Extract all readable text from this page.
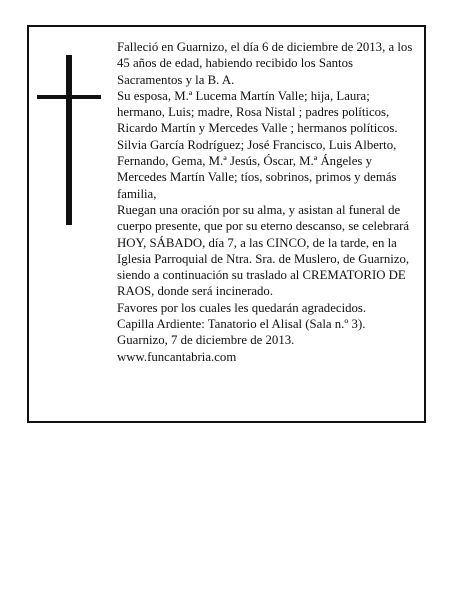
Falleció en Guarnizo, el día 6 de diciembre de 2013, a los 45 años de edad, habiendo recibido los Santos Sacramentos y la B. A.

Su esposa, M.ª Lucema Martín Valle; hija, Laura; hermano, Luis; madre, Rosa Nistal ; padres políticos, Ricardo Martín y Mercedes Valle ; hermanos políticos. Silvia García Rodríguez; José Francisco, Luis Alberto, Fernando, Gema, M.ª Jesús, Óscar, M.ª Ángeles y Mercedes Martín Valle; tíos, sobrinos, primos y demás familia,

Ruegan una oración por su alma, y asistan al funeral de cuerpo presente, que por su eterno descanso, se celebrará HOY, SÁBADO, día 7, a las CINCO, de la tarde, en la Iglesia Parroquial de Ntra. Sra. de Muslero, de Guarnizo, siendo a continuación su traslado al CREMATORIO DE RAOS, donde será incinerado.

Favores por los cuales les quedarán agradecidos.

Capilla Ardiente: Tanatorio el Alisal (Sala n.º 3).

Guarnizo, 7 de diciembre de 2013.

www.funcantabria.com
